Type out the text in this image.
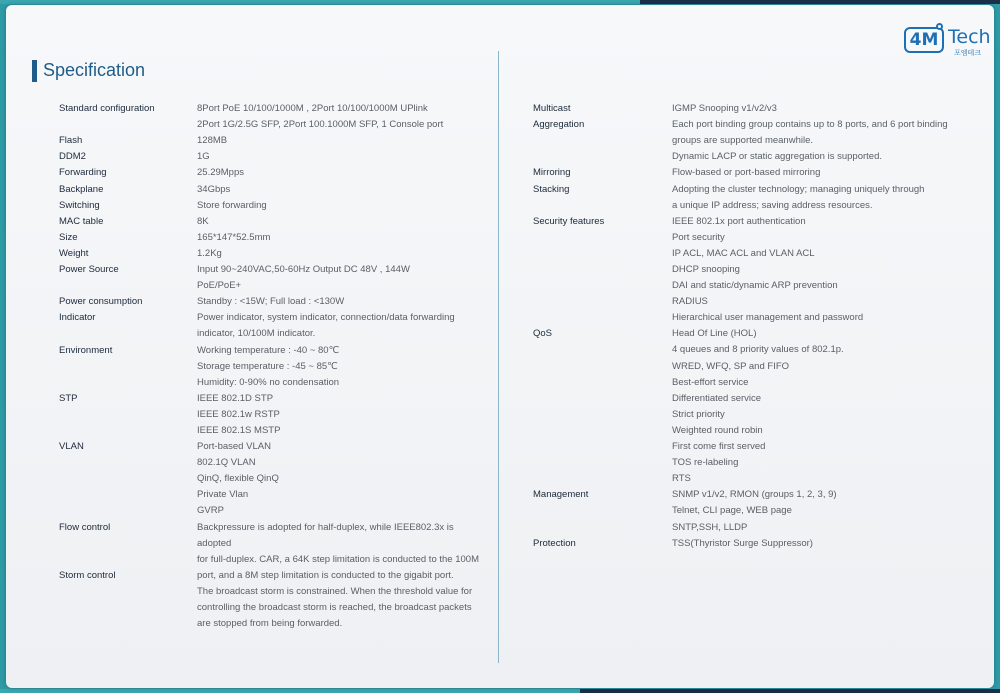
4M Tech
포엠테크
Specification
Standard configuration	8Port PoE 10/100/1000M , 2Port 10/100/1000M UPlink
2Port 1G/2.5G SFP, 2Port 100.1000M SFP, 1 Console port
Flash	128MB
DDM2	1G
Forwarding	25.29Mpps
Backplane	34Gbps
Switching	Store forwarding
MAC table	8K
Size	165*147*52.5mm
Weight	1.2Kg
Power Source	Input 90~240VAC,50-60Hz Output DC 48V , 144W
PoE/PoE+
Power consumption	Standby : <15W; Full load : <130W
Indicator	Power indicator, system indicator, connection/data forwarding
indicator, 10/100M indicator.
Environment	Working temperature : -40 ~ 80℃
Storage temperature : -45 ~ 85℃
Humidity: 0-90% no condensation
STP	IEEE 802.1D STP
IEEE 802.1w RSTP
IEEE 802.1S MSTP
VLAN	Port-based VLAN
802.1Q VLAN
QinQ, flexible QinQ
Private Vlan
GVRP
Flow control	Backpressure is adopted for half-duplex, while IEEE802.3x is
adopted
for full-duplex. CAR, a 64K step limitation is conducted to the 100M
Storm control	port, and a 8M step limitation is conducted to the gigabit port.
The broadcast storm is constrained. When the threshold value for
controlling the broadcast storm is reached, the broadcast packets
are stopped from being forwarded.
Multicast	IGMP Snooping v1/v2/v3
Aggregation	Each port binding group contains up to 8 ports, and 6 port binding
groups are supported meanwhile.
Dynamic LACP or static aggregation is supported.
Mirroring	Flow-based or port-based mirroring
Stacking	Adopting the cluster technology; managing uniquely through
a unique IP address; saving address resources.
Security features	IEEE 802.1x port authentication
Port security
IP ACL, MAC ACL and VLAN ACL
DHCP snooping
DAI and static/dynamic ARP prevention
RADIUS
Hierarchical user management and password
QoS	Head Of Line (HOL)
4 queues and 8 priority values of 802.1p.
WRED, WFQ, SP and FIFO
Best-effort service
Differentiated service
Strict priority
Weighted round robin
First come first served
TOS re-labeling
RTS
Management	SNMP v1/v2, RMON (groups 1, 2, 3, 9)
Telnet, CLI page, WEB page
SNTP,SSH, LLDP
Protection	TSS(Thyristor Surge Suppressor)
